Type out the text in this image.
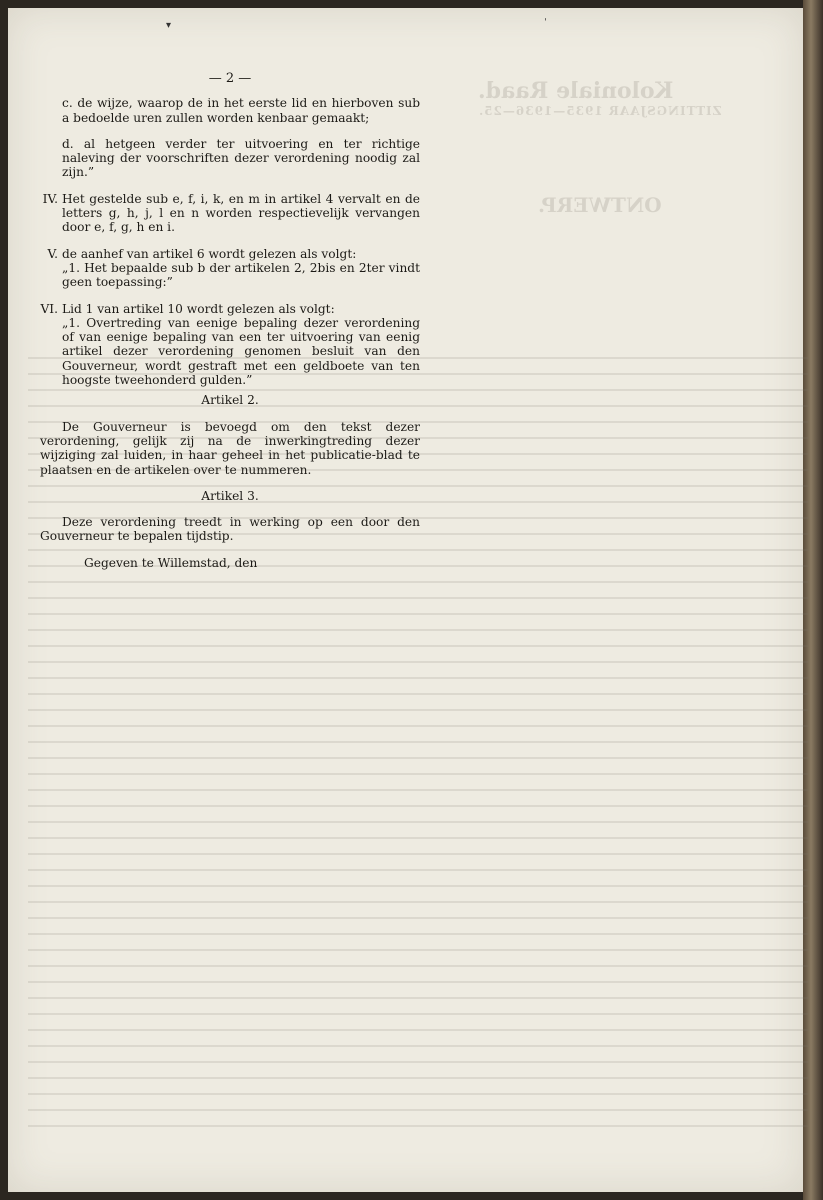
Koloniale Raad.
ZITTINGSJAAR 1935—1936—25.
ONTWERP.
▾	ˈ
— 2 —

c. de wijze, waarop de in het eerste lid en hierboven sub a bedoelde uren zullen worden kenbaar gemaakt;

d. al hetgeen verder ter uitvoering en ter richtige naleving der voorschriften dezer verordening noodig zal zijn.”

IV. Het gestelde sub e, f, i, k, en m in artikel 4 vervalt en de letters g, h, j, l en n worden respectievelijk vervangen door e, f, g, h en i.

V. de aanhef van artikel 6 wordt gelezen als volgt:

„1. Het bepaalde sub b der artikelen 2, 2bis en 2ter vindt geen toepassing:”

VI. Lid 1 van artikel 10 wordt gelezen als volgt:

„1. Overtreding van eenige bepaling dezer verordening of van eenige bepaling van een ter uitvoering van eenig artikel dezer verordening genomen besluit van den Gouverneur, wordt gestraft met een geldboete van ten hoogste tweehonderd gulden.”

Artikel 2.

De Gouverneur is bevoegd om den tekst dezer verordening, gelijk zij na de inwerkingtreding dezer wijziging zal luiden, in haar geheel in het publicatie-blad te plaatsen en de artikelen over te nummeren.

Artikel 3.

Deze verordening treedt in werking op een door den Gouverneur te bepalen tijdstip.

Gegeven te Willemstad, den
